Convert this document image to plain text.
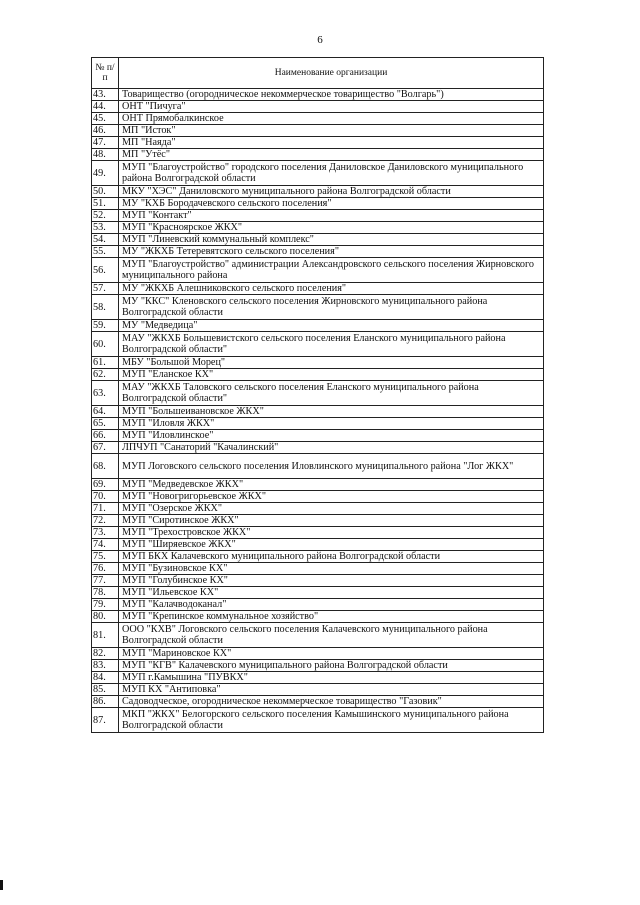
6
№ п/п	Наименование организации
43.	Товарищество (огородническое некоммерческое товарищество "Волгарь")
44.	ОНТ "Пичуга"
45.	ОНТ Прямобалкинское
46.	МП "Исток"
47.	МП "Наяда"
48.	МП "Утёс"
49.	МУП "Благоустройство" городского поселения Даниловское Даниловского муниципального района Волгоградской области
50.	МКУ "ХЭС" Даниловского муниципального района Волгоградской области
51.	МУ "КХБ Бородачевского сельского поселения"
52.	МУП "Контакт"
53.	МУП "Красноярское ЖКХ"
54.	МУП "Линевский коммунальный комплекс"
55.	МУ "ЖКХБ Тетеревятского сельского поселения"
56.	МУП "Благоустройство" администрации Александровского сельского поселения Жирновского муниципального района
57.	МУ "ЖКХБ Алешниковского сельского поселения"
58.	МУ "ККС" Кленовского сельского поселения Жирновского муниципального района Волгоградской области
59.	МУ "Медведица"
60.	МАУ "ЖКХБ Большевистского сельского поселения Еланского муниципального района Волгоградской области"
61.	МБУ "Большой Морец"
62.	МУП "Еланское КХ"
63.	МАУ "ЖКХБ Таловского сельского поселения Еланского муниципального района Волгоградской области"
64.	МУП "Большеивановское ЖКХ"
65.	МУП "Иловля ЖКХ"
66.	МУП "Иловлинское"
67.	ЛПЧУП "Санаторий "Качалинский"
68.	МУП Логовского сельского поселения Иловлинского муниципального района "Лог ЖКХ"
69.	МУП "Медведевское ЖКХ"
70.	МУП "Новогригорьевское ЖКХ"
71.	МУП "Озерское ЖКХ"
72.	МУП "Сиротинское ЖКХ"
73.	МУП "Трехостровское ЖКХ"
74.	МУП "Ширяевское ЖКХ"
75.	МУП БКХ Калачевского муниципального района Волгоградской области
76.	МУП "Бузиновское КХ"
77.	МУП "Голубинское КХ"
78.	МУП "Ильевское КХ"
79.	МУП "Калачводоканал"
80.	МУП "Крепинское коммунальное хозяйство"
81.	ООО "КХВ" Логовского сельского поселения Калачевского муниципального района Волгоградской области
82.	МУП "Мариновское КХ"
83.	МУП "КГВ" Калачевского муниципального района Волгоградской области
84.	МУП г.Камышина "ПУВКХ"
85.	МУП КХ "Антиповка"
86.	Садоводческое, огородническое некоммерческое товарищество "Газовик"
87.	МКП "ЖКХ" Белогорского сельского поселения Камышинского муниципального района Волгоградской области
